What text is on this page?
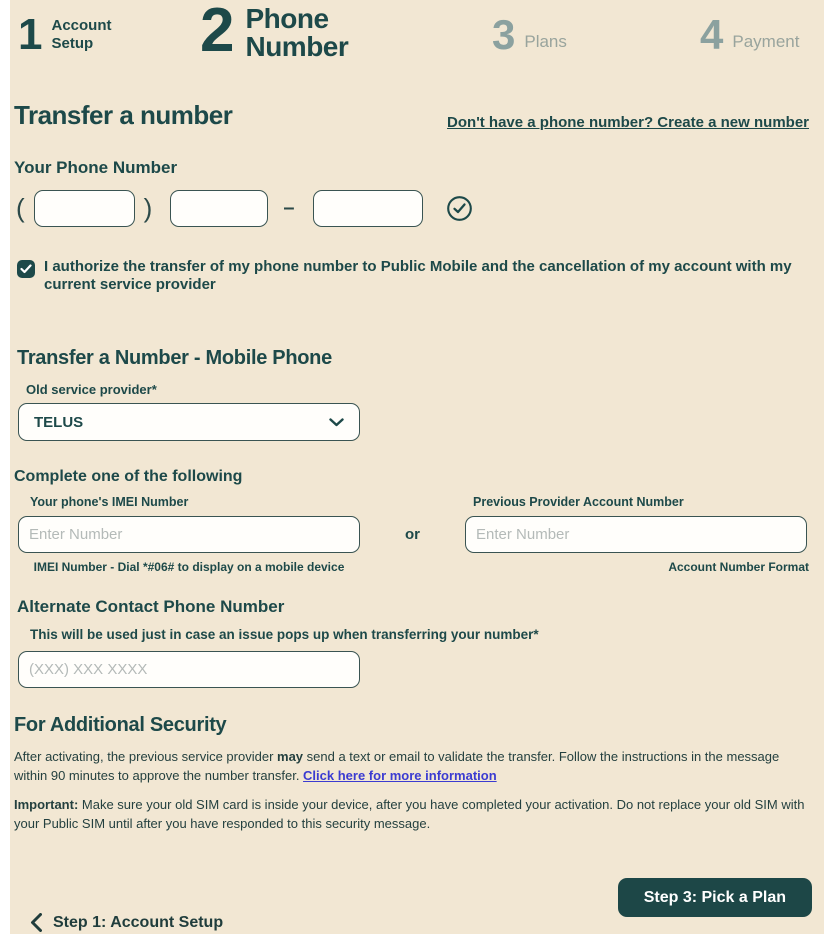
1 Account
Setup 2 Phone
Number	3 Plans	4 Payment
Transfer a number	Don't have a phone number? Create a new number
Your Phone Number
(	)	–
I authorize the transfer of my phone number to Public Mobile and the cancellation of my account with my current service provider
Transfer a Number - Mobile Phone
Old service provider*
TELUS
Complete one of the following
Your phone's IMEI Number	Previous Provider Account Number
Enter Number
or
Enter Number
IMEI Number - Dial *#06# to display on a mobile device	Account Number Format
Alternate Contact Phone Number
This will be used just in case an issue pops up when transferring your number*
(XXX) XXX XXXX
For Additional Security
After activating, the previous service provider may send a text or email to validate the transfer. Follow the instructions in the message within 90 minutes to approve the number transfer. Click here for more information
Important: Make sure your old SIM card is inside your device, after you have completed your activation. Do not replace your old SIM with your Public SIM until after you have responded to this security message.
Step 3: Pick a Plan
Step 1: Account Setup
